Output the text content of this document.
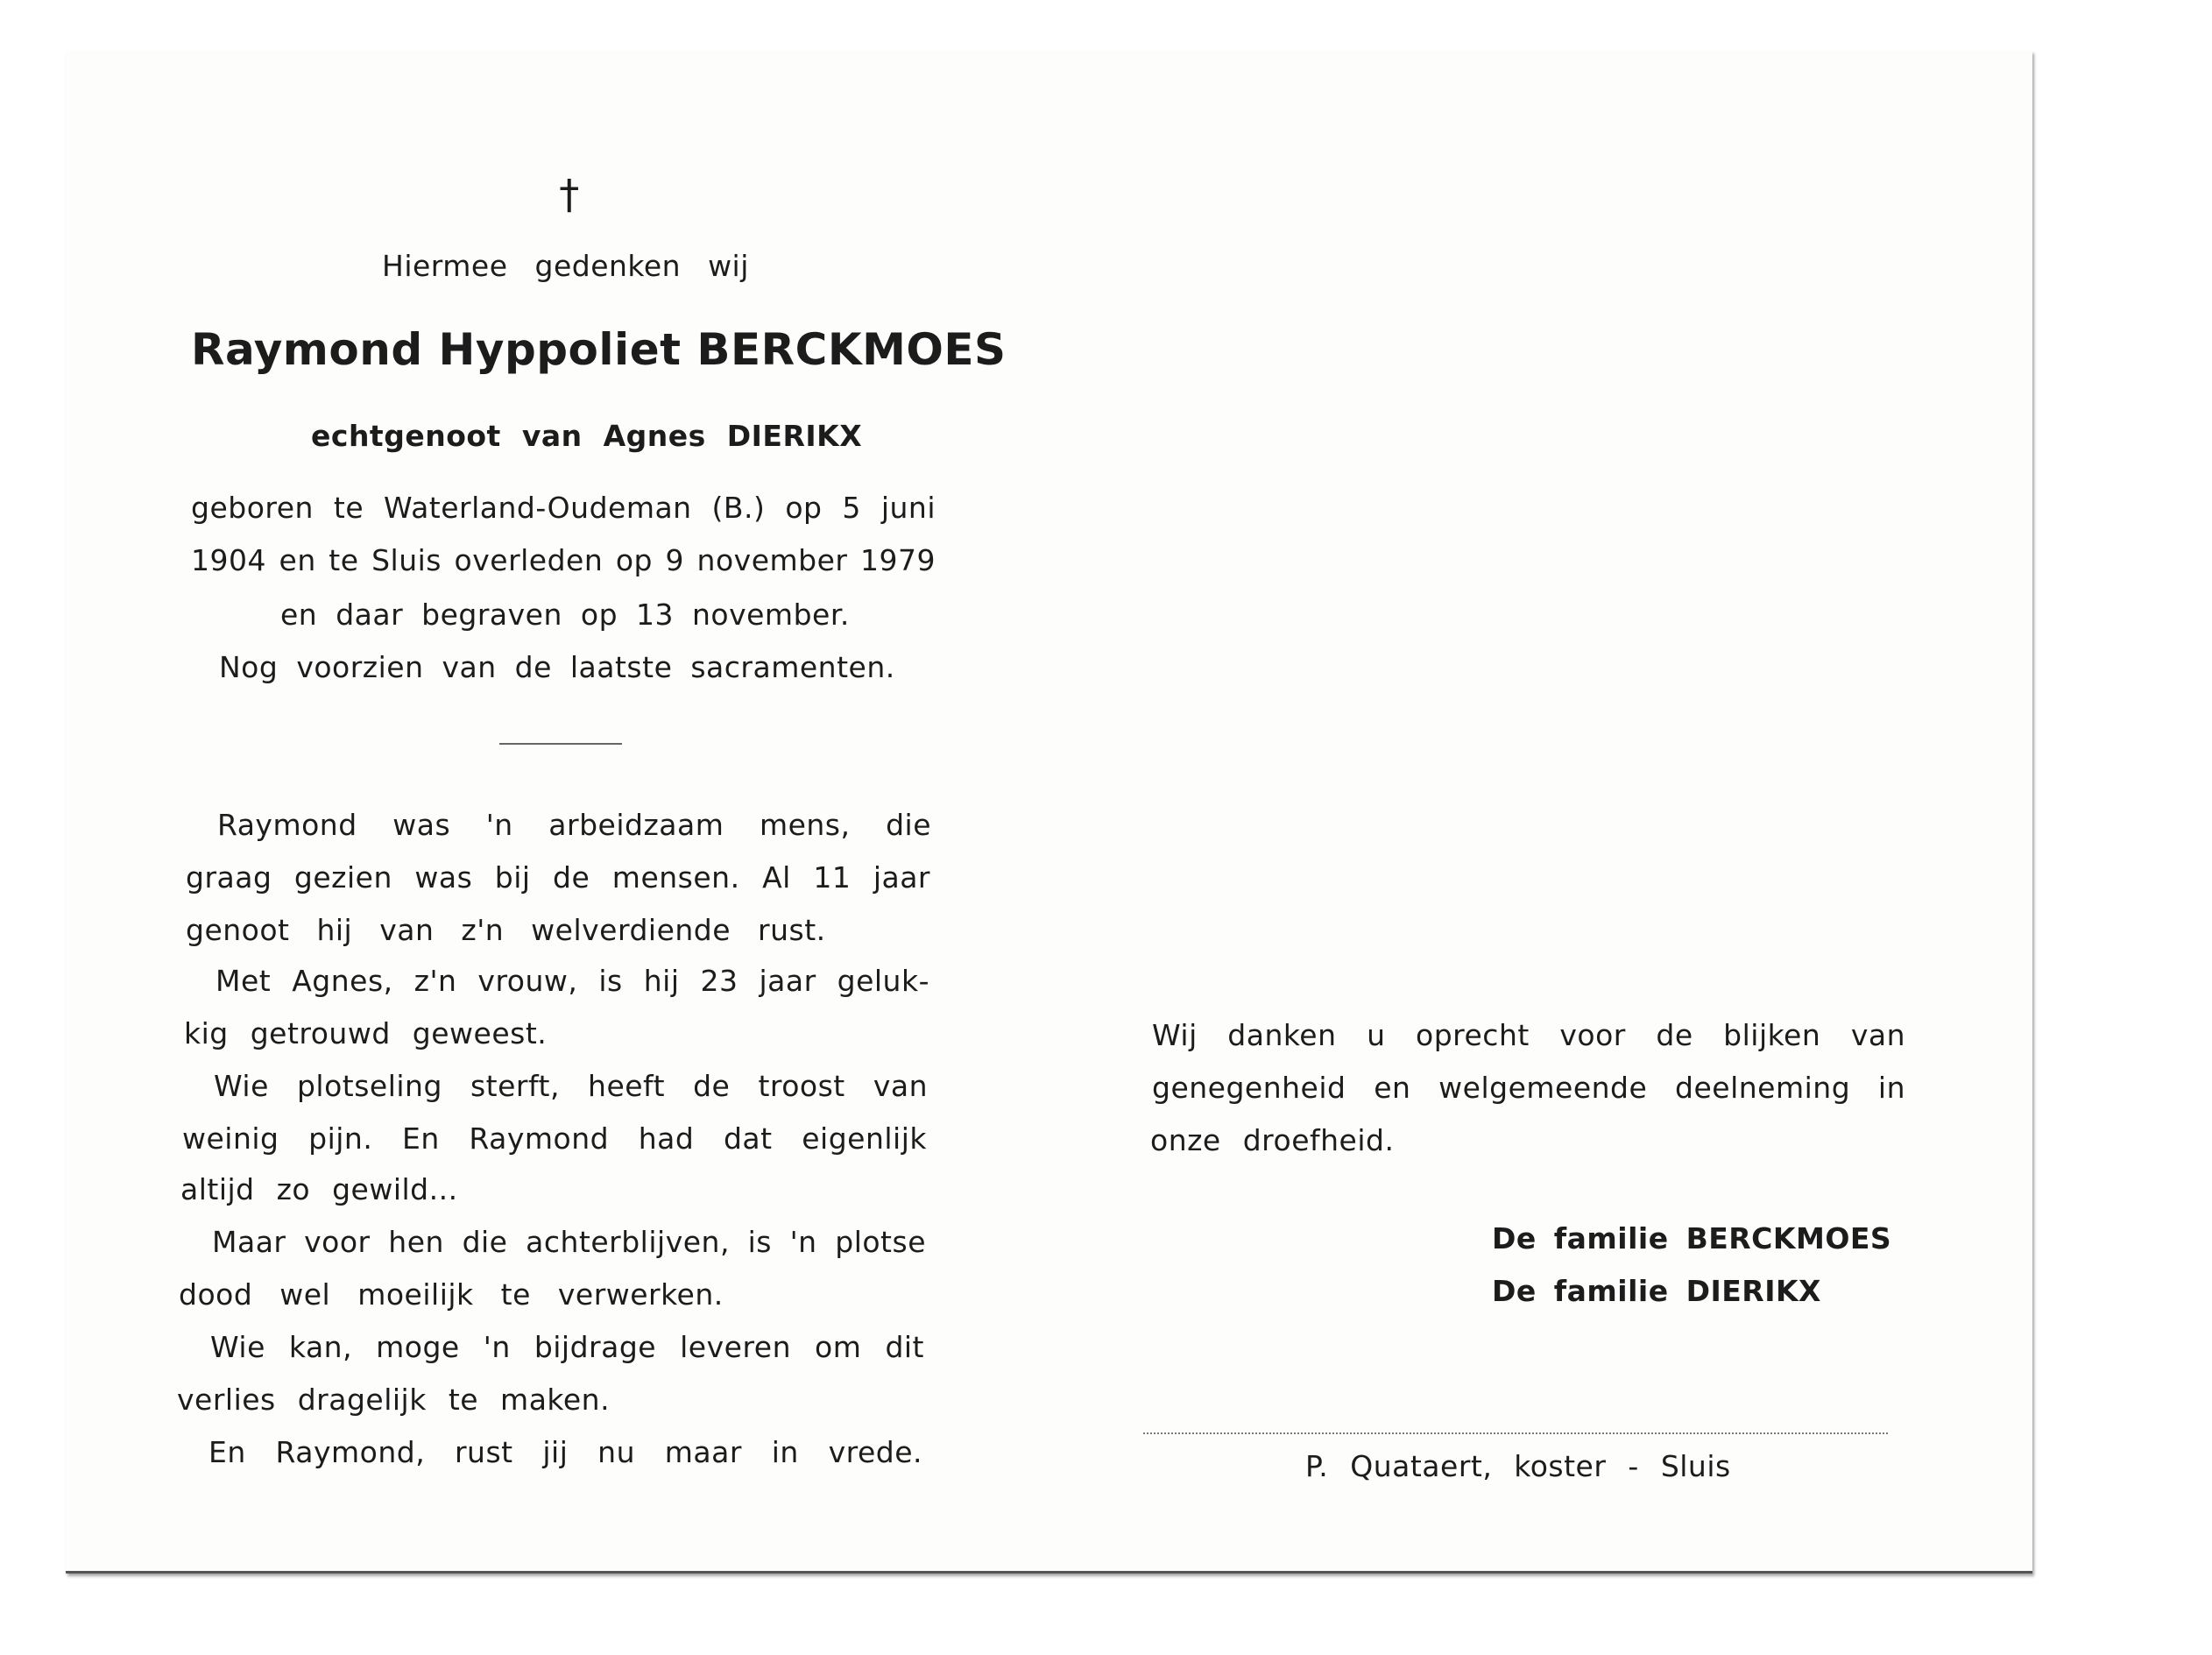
†
Hiermee gedenken wij
Raymond Hyppoliet BERCKMOES
echtgenoot van Agnes DIERIKX
geboren te Waterland-Oudeman (B.) op 5 juni
1904 en te Sluis overleden op 9 november 1979
en daar begraven op 13 november.
Nog voorzien van de laatste sacramenten.
Raymond was 'n arbeidzaam mens, die
graag gezien was bij de mensen. Al 11 jaar
genoot hij van z'n welverdiende rust.
Met Agnes, z'n vrouw, is hij 23 jaar geluk-
kig getrouwd geweest.
Wie plotseling sterft, heeft de troost van
weinig pijn. En Raymond had dat eigenlijk
altijd zo gewild...
Maar voor hen die achterblijven, is 'n plotse
dood wel moeilijk te verwerken.
Wie kan, moge 'n bijdrage leveren om dit
verlies dragelijk te maken.
En Raymond, rust jij nu maar in vrede.
Wij danken u oprecht voor de blijken van
genegenheid en welgemeende deelneming in
onze droefheid.
De familie BERCKMOES
De familie DIERIKX
P. Quataert, koster - Sluis
